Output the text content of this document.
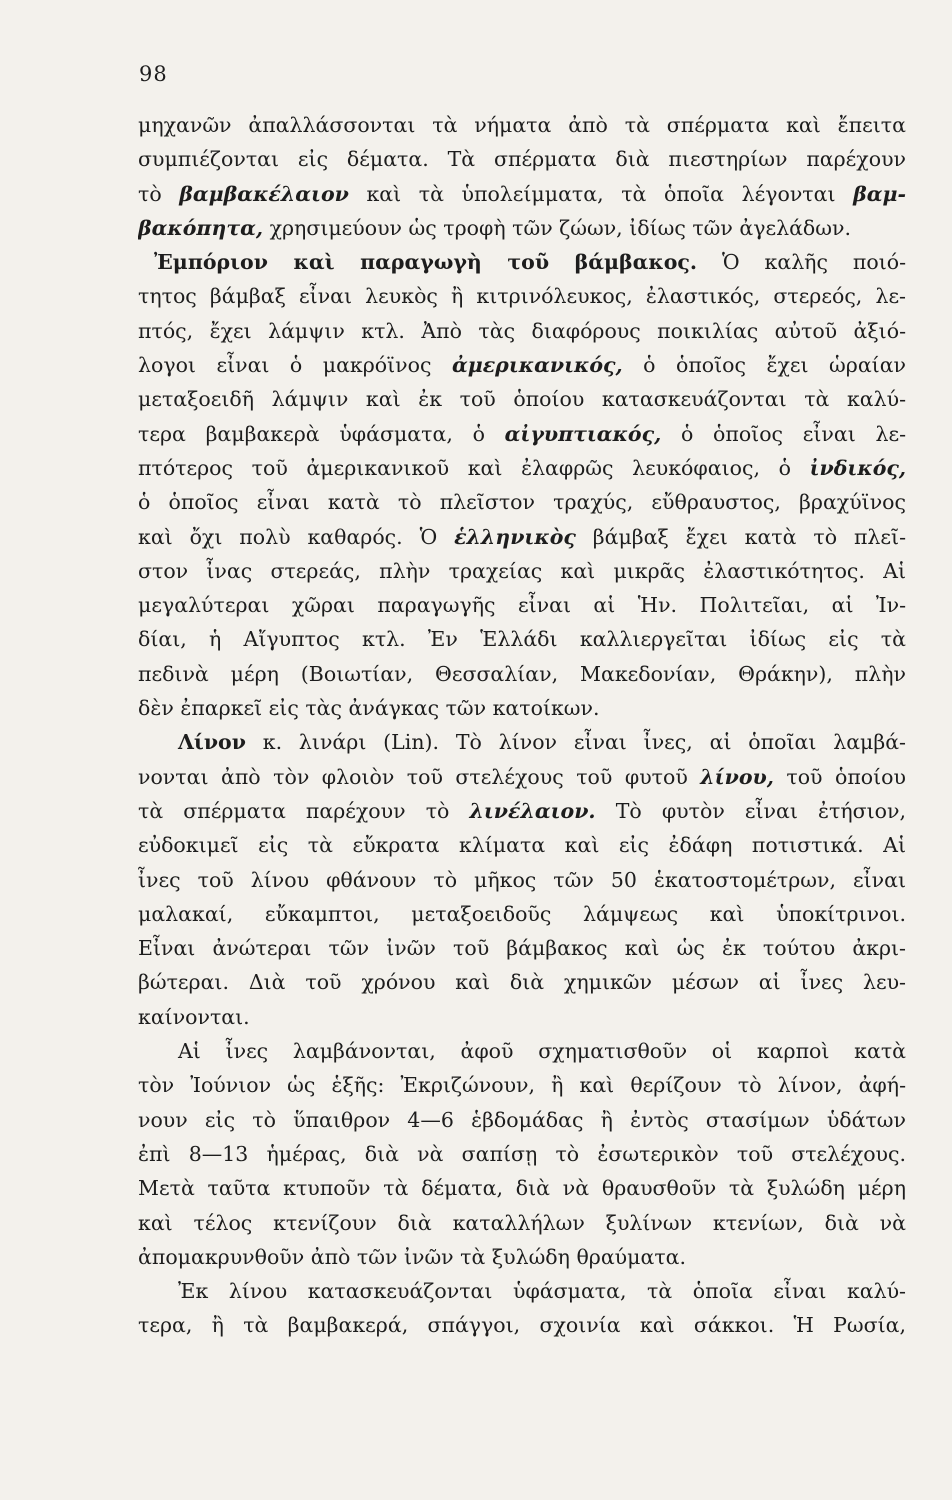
98
μηχανῶν ἀπαλλάσσονται τὰ νήματα ἀπὸ τὰ σπέρματα καὶ ἔπειτα
συμπιέζονται εἰς δέματα. Τὰ σπέρματα διὰ πιεστηρίων παρέχουν
τὸ βαμβακέλαιον καὶ τὰ ὑπολείμματα, τὰ ὁποῖα λέγονται βαμ-
βακόπητα, χρησιμεύουν ὡς τροφὴ τῶν ζώων, ἰδίως τῶν ἀγελάδων.
Ἐμπόριον καὶ παραγωγὴ τοῦ βάμβακος. Ὁ καλῆς ποιό-
τητος βάμβαξ εἶναι λευκὸς ἢ κιτρινόλευκος, ἐλαστικός, στερεός, λε-
πτός, ἔχει λάμψιν κτλ. Ἀπὸ τὰς διαφόρους ποικιλίας αὐτοῦ ἀξιό-
λογοι εἶναι ὁ μακρόϊνος ἀμερικανικός, ὁ ὁποῖος ἔχει ὡραίαν
μεταξοειδῆ λάμψιν καὶ ἐκ τοῦ ὁποίου κατασκευάζονται τὰ καλύ-
τερα βαμβακερὰ ὑφάσματα, ὁ αἰγυπτιακός, ὁ ὁποῖος εἶναι λε-
πτότερος τοῦ ἀμερικανικοῦ καὶ ἐλαφρῶς λευκόφαιος, ὁ ἰνδικός,
ὁ ὁποῖος εἶναι κατὰ τὸ πλεῖστον τραχύς, εὔθραυστος, βραχύϊνος
καὶ ὄχι πολὺ καθαρός. Ὁ ἑλληνικὸς βάμβαξ ἔχει κατὰ τὸ πλεῖ-
στον ἶνας στερεάς, πλὴν τραχείας καὶ μικρᾶς ἐλαστικότητος. Αἱ
μεγαλύτεραι χῶραι παραγωγῆς εἶναι αἱ Ἡν. Πολιτεῖαι, αἱ Ἰν-
δίαι, ἡ Αἴγυπτος κτλ. Ἐν Ἑλλάδι καλλιεργεῖται ἰδίως εἰς τὰ
πεδινὰ μέρη (Βοιωτίαν, Θεσσαλίαν, Μακεδονίαν, Θράκην), πλὴν
δὲν ἐπαρκεῖ εἰς τὰς ἀνάγκας τῶν κατοίκων.
Λίνον κ. λινάρι (Lin). Τὸ λίνον εἶναι ἶνες, αἱ ὁποῖαι λαμβά-
νονται ἀπὸ τὸν φλοιὸν τοῦ στελέχους τοῦ φυτοῦ λίνου, τοῦ ὁποίου
τὰ σπέρματα παρέχουν τὸ λινέλαιον. Τὸ φυτὸν εἶναι ἐτήσιον,
εὐδοκιμεῖ εἰς τὰ εὔκρατα κλίματα καὶ εἰς ἐδάφη ποτιστικά. Αἱ
ἶνες τοῦ λίνου φθάνουν τὸ μῆκος τῶν 50 ἑκατοστομέτρων, εἶναι
μαλακαί, εὔκαμπτοι, μεταξοειδοῦς λάμψεως καὶ ὑποκίτρινοι.
Εἶναι ἀνώτεραι τῶν ἰνῶν τοῦ βάμβακος καὶ ὡς ἐκ τούτου ἀκρι-
βώτεραι. Διὰ τοῦ χρόνου καὶ διὰ χημικῶν μέσων αἱ ἶνες λευ-
καίνονται.
Αἱ ἶνες λαμβάνονται, ἀφοῦ σχηματισθοῦν οἱ καρποὶ κατὰ
τὸν Ἰούνιον ὡς ἑξῆς: Ἐκριζώνουν, ἢ καὶ θερίζουν τὸ λίνον, ἀφή-
νουν εἰς τὸ ὕπαιθρον 4—6 ἑβδομάδας ἢ ἐντὸς στασίμων ὑδάτων
ἐπὶ 8—13 ἡμέρας, διὰ νὰ σαπίσῃ τὸ ἐσωτερικὸν τοῦ στελέχους.
Μετὰ ταῦτα κτυποῦν τὰ δέματα, διὰ νὰ θραυσθοῦν τὰ ξυλώδη μέρη
καὶ τέλος κτενίζουν διὰ καταλλήλων ξυλίνων κτενίων, διὰ νὰ
ἀπομακρυνθοῦν ἀπὸ τῶν ἰνῶν τὰ ξυλώδη θραύματα.
Ἐκ λίνου κατασκευάζονται ὑφάσματα, τὰ ὁποῖα εἶναι καλύ-
τερα, ἢ τὰ βαμβακερά, σπάγγοι, σχοινία καὶ σάκκοι. Ἡ Ρωσία,
